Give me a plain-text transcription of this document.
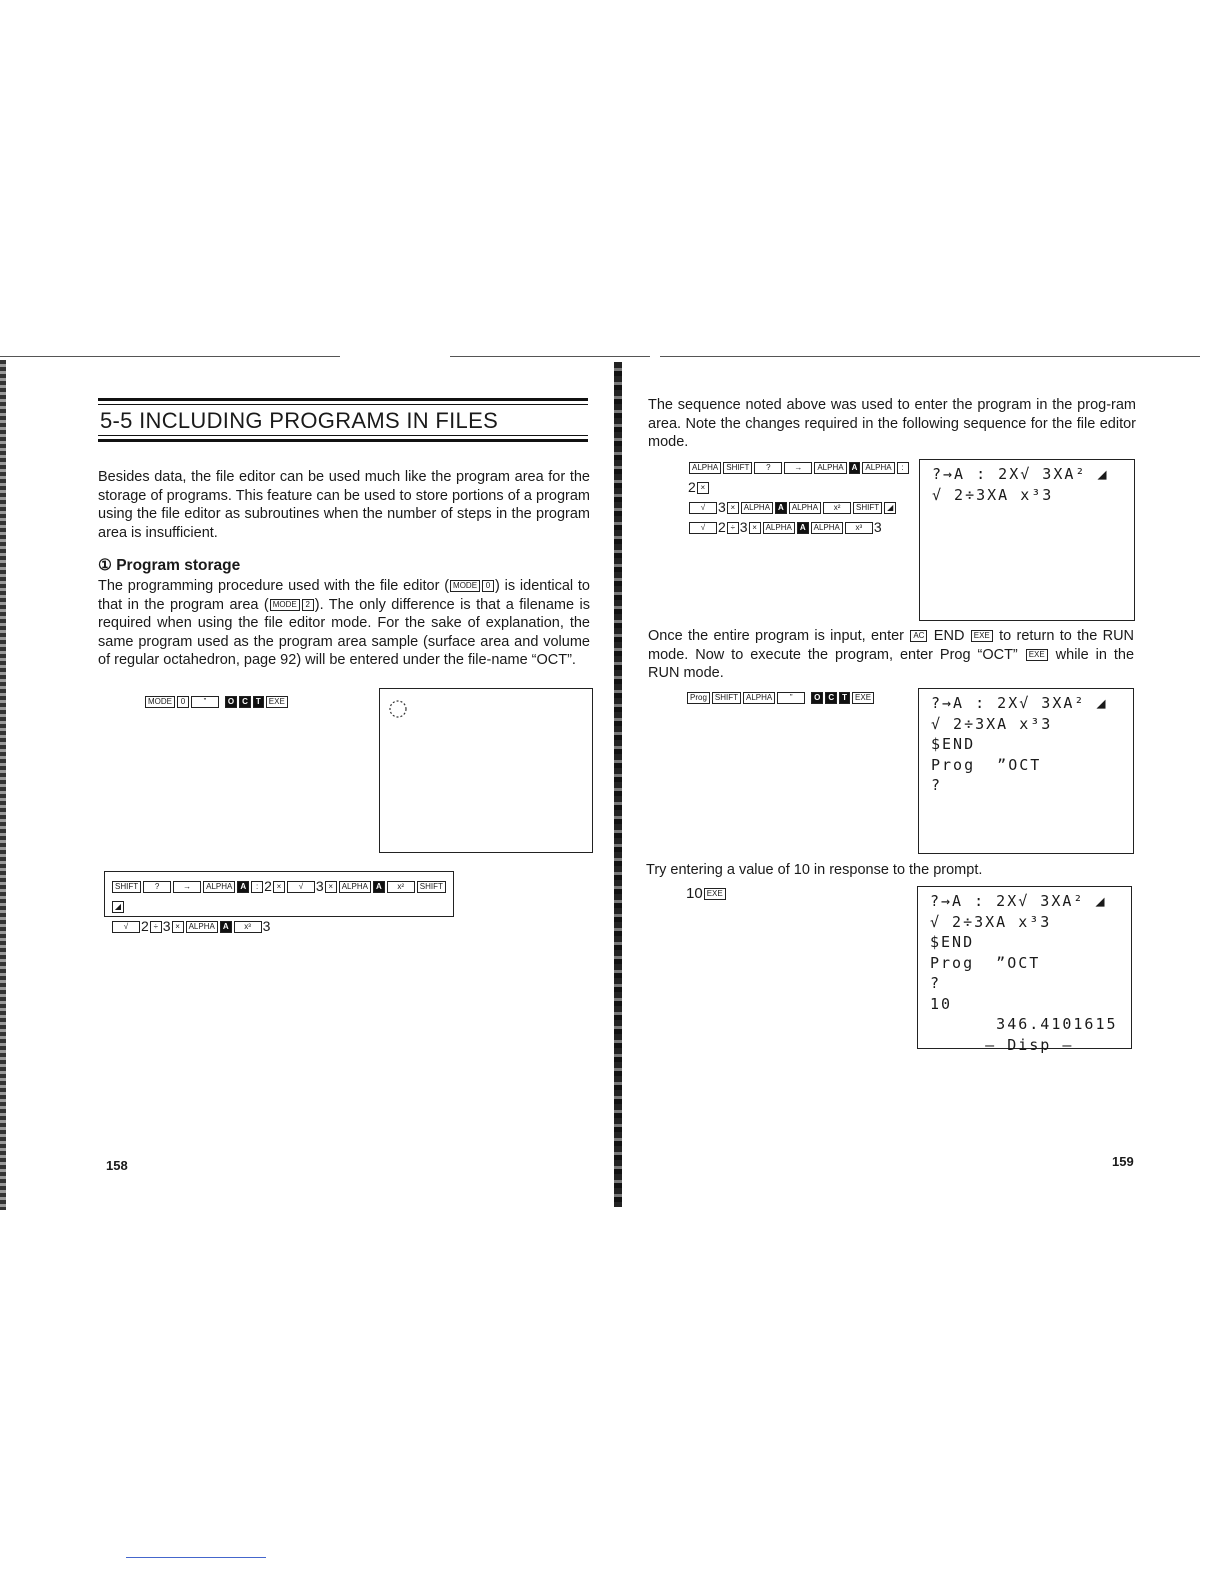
5-5 INCLUDING PROGRAMS IN FILES

Besides data, the file editor can be used much like the program area for the storage of programs. This feature can be used to store portions of a program using the file editor as subroutines when the number of steps in the program area is insufficient.

① Program storage

The programming procedure used with the file editor ( MODE 0 ) is identical to that in the program area ( MODE 2 ). The only difference is that a filename is required when using the file editor mode. For the sake of explanation, the same program used as the program area sample (surface area and volume of regular octahedron, page 92) will be entered under the file-name “OCT”.

MODE 0 ”	O C T EXE
SHIFT ?	→ ALPHA A : 2 × √ 3 × ALPHA A x² SHIFT◢
√ 2 ÷ 3 × ALPHA A x³ 3
158

The sequence noted above was used to enter the program in the prog-ram area. Note the changes required in the following sequence for the file editor mode.

ALPHA SHIFT ?	→ ALPHA A ALPHA :2 ×
√ 3 × ALPHA A ALPHA x² SHIFT ◢
√ 2 ÷ 3 × ALPHA A ALPHA x³ 3
?→A : 2X√ 3XA² ◢
√ 2÷3XA x³3

Once the entire program is input, enter AC END EXE to return to the RUN mode. Now to execute the program, enter Prog “OCT” EXE while in the RUN mode.

Prog SHIFT ALPHA ”	O C T EXE	?→A : 2X√ 3XA² ◢
√ 2÷3XA x³3
$END
Prog  ”OCT
?

Try entering a value of 10 in response to the prompt.

10 EXE	?→A : 2X√ 3XA² ◢
√ 2÷3XA x³3
$END
Prog  ”OCT
?
10
346.4101615
— Disp —
159
